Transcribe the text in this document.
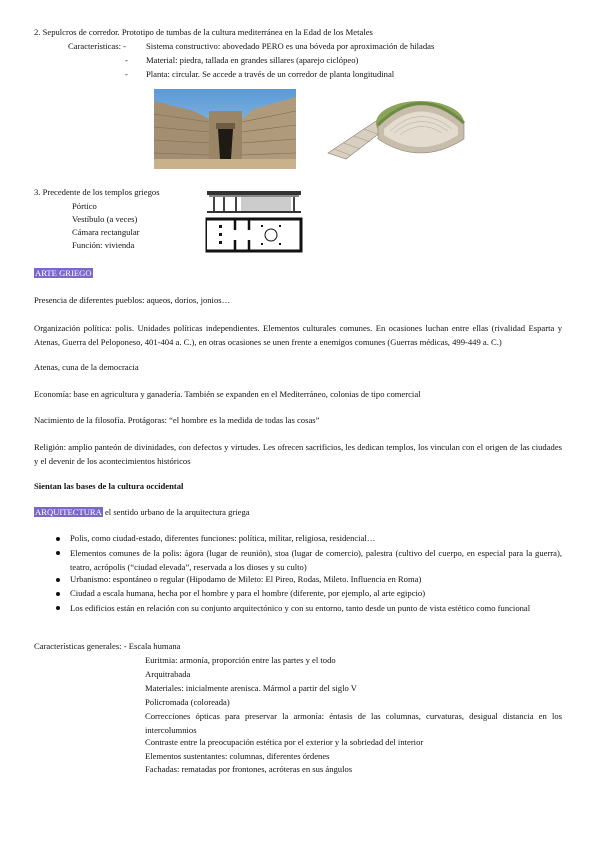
2. Sepulcros de corredor. Prototipo de tumbas de la cultura mediterránea en la Edad de los Metales
Características: - Sistema constructivo: abovedado PERO es una bóveda por aproximación de hiladas
- Material: piedra, tallada en grandes sillares (aparejo ciclópeo)
- Planta: circular. Se accede a través de un corredor de planta longitudinal
3. Precedente de los templos griegos
Pórtico
Vestíbulo (a veces)
Cámara rectangular
Función: vivienda
ARTE GRIEGO
Presencia de diferentes pueblos: aqueos, dorios, jonios…
Organización política: polis. Unidades políticas independientes. Elementos culturales comunes. En ocasiones luchan entre ellas (rivalidad Esparta y Atenas, Guerra del Peloponeso, 401-404 a. C.), en otras ocasiones se unen frente a enemigos comunes (Guerras médicas, 499-449 a. C.)
Atenas, cuna de la democracia
Economía: base en agricultura y ganadería. También se expanden en el Mediterráneo, colonias de tipo comercial
Nacimiento de la filosofía. Protágoras: “el hombre es la medida de todas las cosas”
Religión: amplio panteón de divinidades, con defectos y virtudes. Les ofrecen sacrificios, les dedican templos, los vinculan con el origen de las ciudades y el devenir de los acontecimientos históricos
Sientan las bases de la cultura occidental
ARQUITECTURA el sentido urbano de la arquitectura griega
Polis, como ciudad-estado, diferentes funciones: política, militar, religiosa, residencial…
Elementos comunes de la polis: ágora (lugar de reunión), stoa (lugar de comercio), palestra (cultivo del cuerpo, en especial para la guerra), teatro, acrópolis (“ciudad elevada”, reservada a los dioses y su culto)
Urbanismo: espontáneo o regular (Hipodamo de Mileto: El Pireo, Rodas, Mileto. Influencia en Roma)
Ciudad a escala humana, hecha por el hombre y para el hombre (diferente, por ejemplo, al arte egipcio)
Los edificios están en relación con su conjunto arquitectónico y con su entorno, tanto desde un punto de vista estético como funcional
Características generales: - Escala humana
Euritmia: armonía, proporción entre las partes y el todo
Arquitrabada
Materiales: inicialmente arenisca. Mármol a partir del siglo V
Policromada (coloreada)
Correcciones ópticas para preservar la armonía: éntasis de las columnas, curvaturas, desigual distancia en los intercolumnios
Contraste entre la preocupación estética por el exterior y la sobriedad del interior
Elementos sustentantes: columnas, diferentes órdenes
Fachadas: rematadas por frontones, acróteras en sus ángulos
